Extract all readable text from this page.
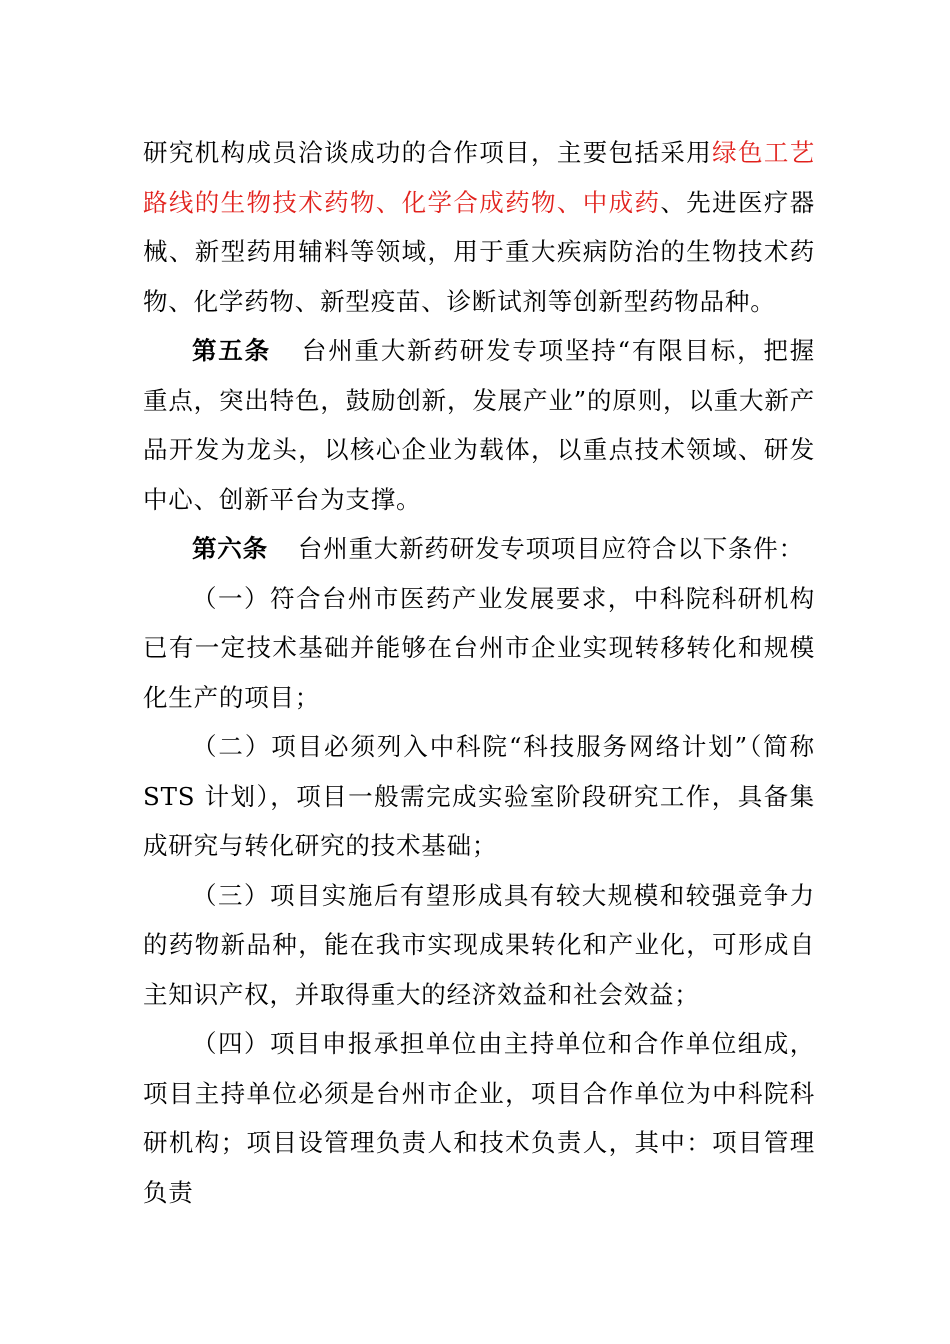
研究机构成员洽谈成功的合作项目，主要包括采用绿色工艺路线的生物技术药物、化学合成药物、中成药、先进医疗器械、新型药用辅料等领域，用于重大疾病防治的生物技术药物、化学药物、新型疫苗、诊断试剂等创新型药物品种。

第五条 台州重大新药研发专项坚持“有限目标，把握重点，突出特色，鼓励创新，发展产业”的原则，以重大新产品开发为龙头，以核心企业为载体，以重点技术领域、研发中心、创新平台为支撑。

第六条 台州重大新药研发专项项目应符合以下条件：

（一）符合台州市医药产业发展要求，中科院科研机构已有一定技术基础并能够在台州市企业实现转移转化和规模化生产的项目；

（二）项目必须列入中科院“科技服务网络计划”（简称STS 计划），项目一般需完成实验室阶段研究工作，具备集成研究与转化研究的技术基础；

（三）项目实施后有望形成具有较大规模和较强竞争力的药物新品种，能在我市实现成果转化和产业化，可形成自主知识产权，并取得重大的经济效益和社会效益；

（四）项目申报承担单位由主持单位和合作单位组成，项目主持单位必须是台州市企业，项目合作单位为中科院科研机构；项目设管理负责人和技术负责人，其中：项目管理负责
